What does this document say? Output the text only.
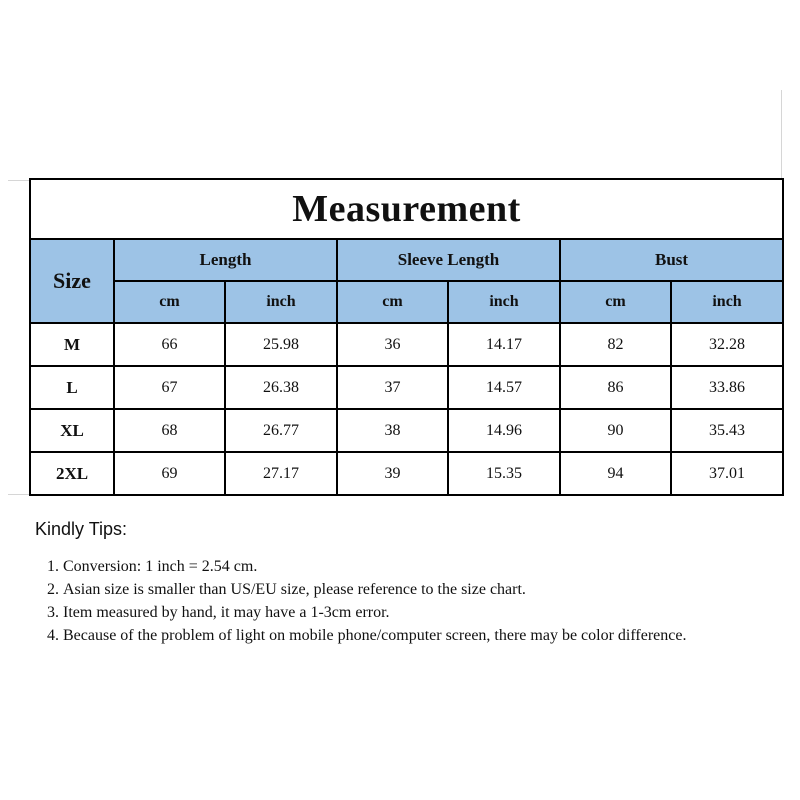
Measurement						
Size	Length		Sleeve Length		Bust	
	cm	inch	cm	inch	cm	inch
M	66	25.98	36	14.17	82	32.28
L	67	26.38	37	14.57	86	33.86
XL	68	26.77	38	14.96	90	35.43
2XL	69	27.17	39	15.35	94	37.01
Kindly Tips:
1. Conversion: 1 inch = 2.54 cm.
2. Asian size is smaller than US/EU size, please reference to the size chart.
3. Item measured by hand, it may have a 1-3cm error.
4. Because of the problem of light on mobile phone/computer screen, there may be color difference.
